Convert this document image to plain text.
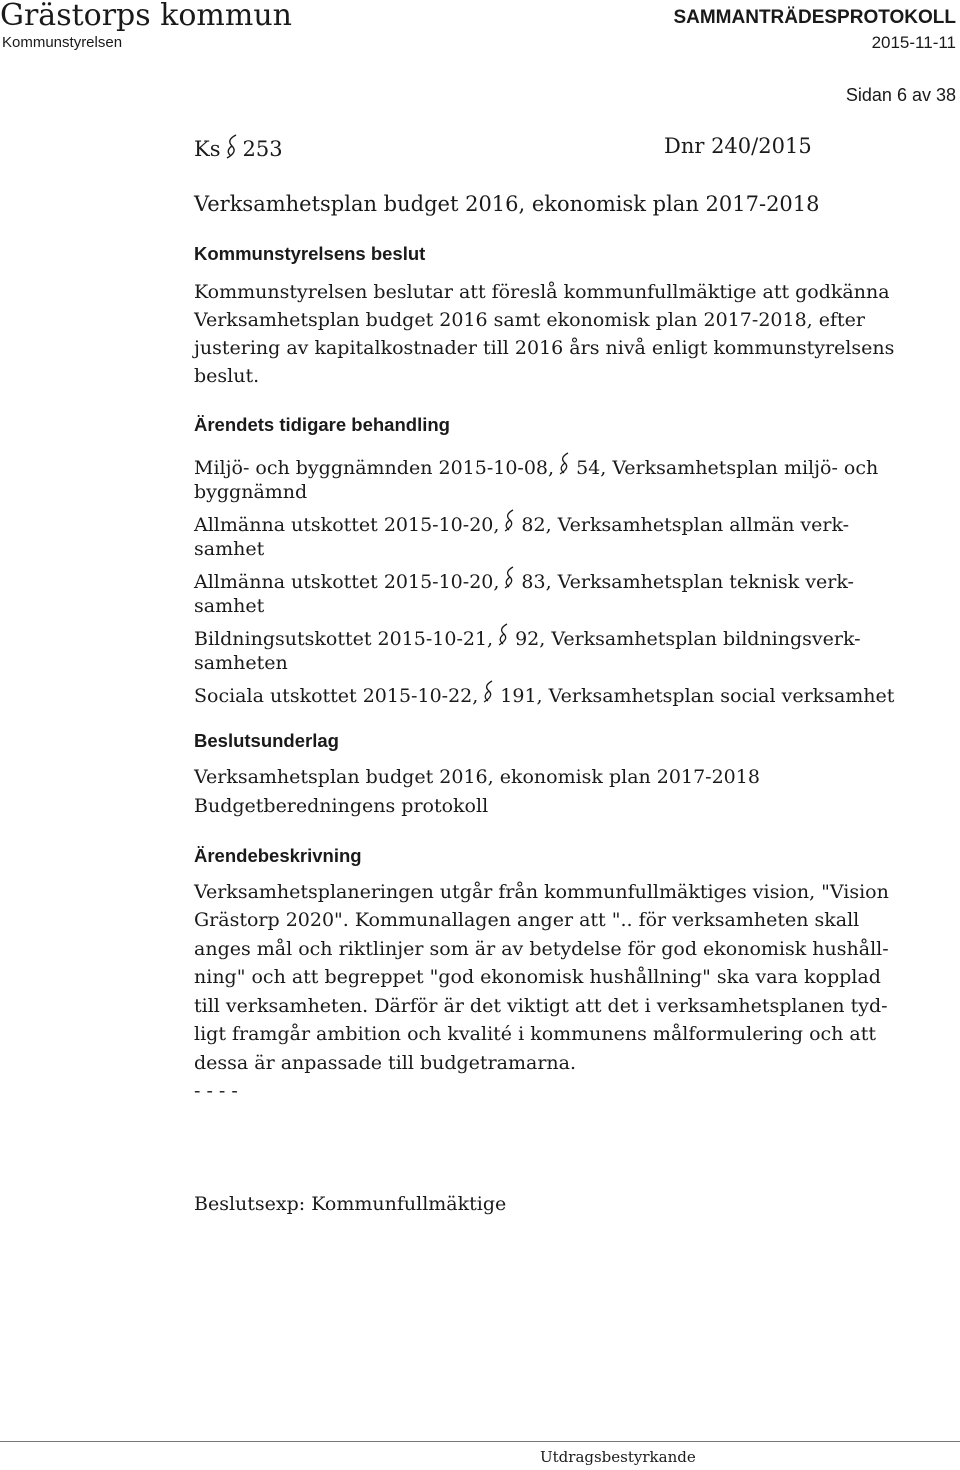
Grästorps kommun
Kommunstyrelsen
SAMMANTRÄDESPROTOKOLL
2015-11-11
Sidan 6 av 38
Ks 253	Dnr 240/2015
Verksamhetsplan budget 2016, ekonomisk plan 2017-2018
Kommunstyrelsens beslut
Kommunstyrelsen beslutar att föreslå kommunfullmäktige att godkänna
Verksamhetsplan budget 2016 samt ekonomisk plan 2017-2018, efter
justering av kapitalkostnader till 2016 års nivå enligt kommunstyrelsens
beslut.
Ärendets tidigare behandling
Miljö- och byggnämnden 2015-10-08, 54, Verksamhetsplan miljö- och
byggnämnd
Allmänna utskottet 2015-10-20, 82, Verksamhetsplan allmän verk-
samhet
Allmänna utskottet 2015-10-20, 83, Verksamhetsplan teknisk verk-
samhet
Bildningsutskottet 2015-10-21, 92, Verksamhetsplan bildningsverk-
samheten
Sociala utskottet 2015-10-22, 191, Verksamhetsplan social verksamhet
Beslutsunderlag
Verksamhetsplan budget 2016, ekonomisk plan 2017-2018
Budgetberedningens protokoll
Ärendebeskrivning
Verksamhetsplaneringen utgår från kommunfullmäktiges vision, "Vision
Grästorp 2020". Kommunallagen anger att ".. för verksamheten skall
anges mål och riktlinjer som är av betydelse för god ekonomisk hushåll-
ning" och att begreppet "god ekonomisk hushållning" ska vara kopplad
till verksamheten. Därför är det viktigt att det i verksamhetsplanen tyd-
ligt framgår ambition och kvalité i kommunens målformulering och att
dessa är anpassade till budgetramarna.
- - - -
Beslutsexp: Kommunfullmäktige
Utdragsbestyrkande
